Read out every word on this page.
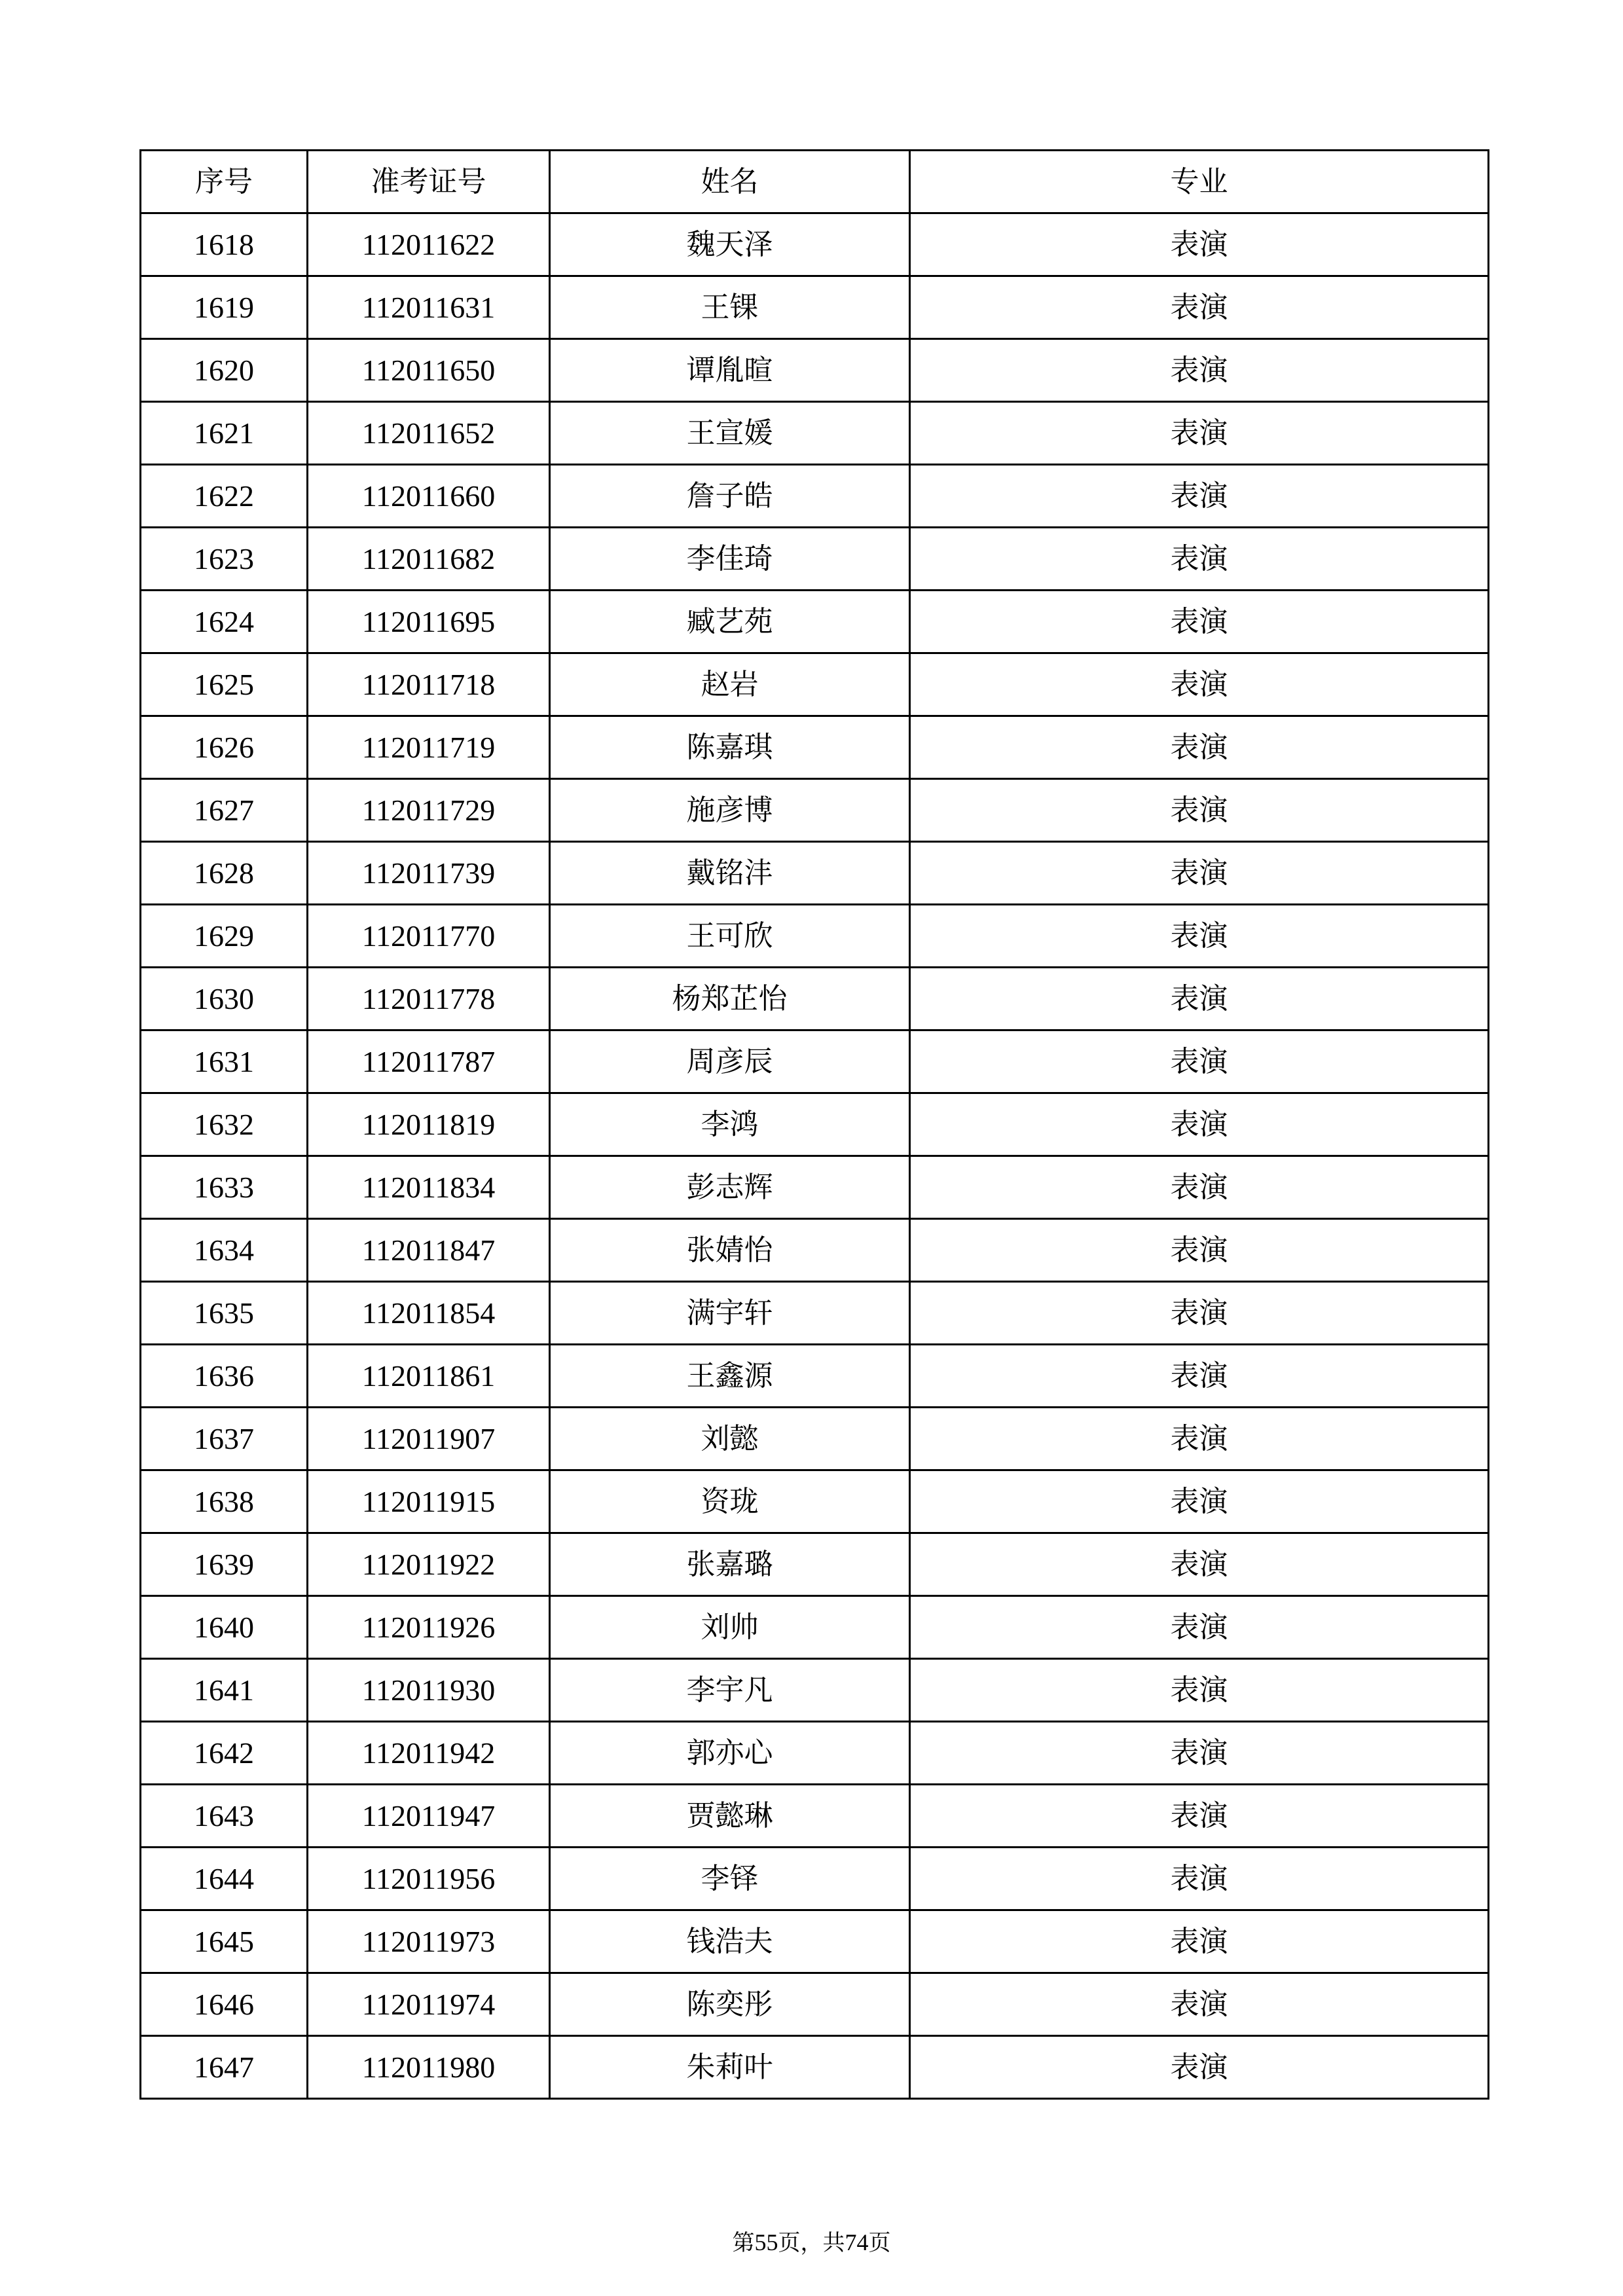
序号	准考证号	姓名	专业
1618	112011622	魏天泽	表演
1619	112011631	王锞	表演
1620	112011650	谭胤暄	表演
1621	112011652	王宣媛	表演
1622	112011660	詹子皓	表演
1623	112011682	李佳琦	表演
1624	112011695	臧艺苑	表演
1625	112011718	赵岩	表演
1626	112011719	陈嘉琪	表演
1627	112011729	施彦博	表演
1628	112011739	戴铭沣	表演
1629	112011770	王可欣	表演
1630	112011778	杨郑芷怡	表演
1631	112011787	周彦辰	表演
1632	112011819	李鸿	表演
1633	112011834	彭志辉	表演
1634	112011847	张婧怡	表演
1635	112011854	满宇轩	表演
1636	112011861	王鑫源	表演
1637	112011907	刘懿	表演
1638	112011915	资珑	表演
1639	112011922	张嘉璐	表演
1640	112011926	刘帅	表演
1641	112011930	李宇凡	表演
1642	112011942	郭亦心	表演
1643	112011947	贾懿琳	表演
1644	112011956	李铎	表演
1645	112011973	钱浩夫	表演
1646	112011974	陈奕彤	表演
1647	112011980	朱莉叶	表演
第55页，共74页
